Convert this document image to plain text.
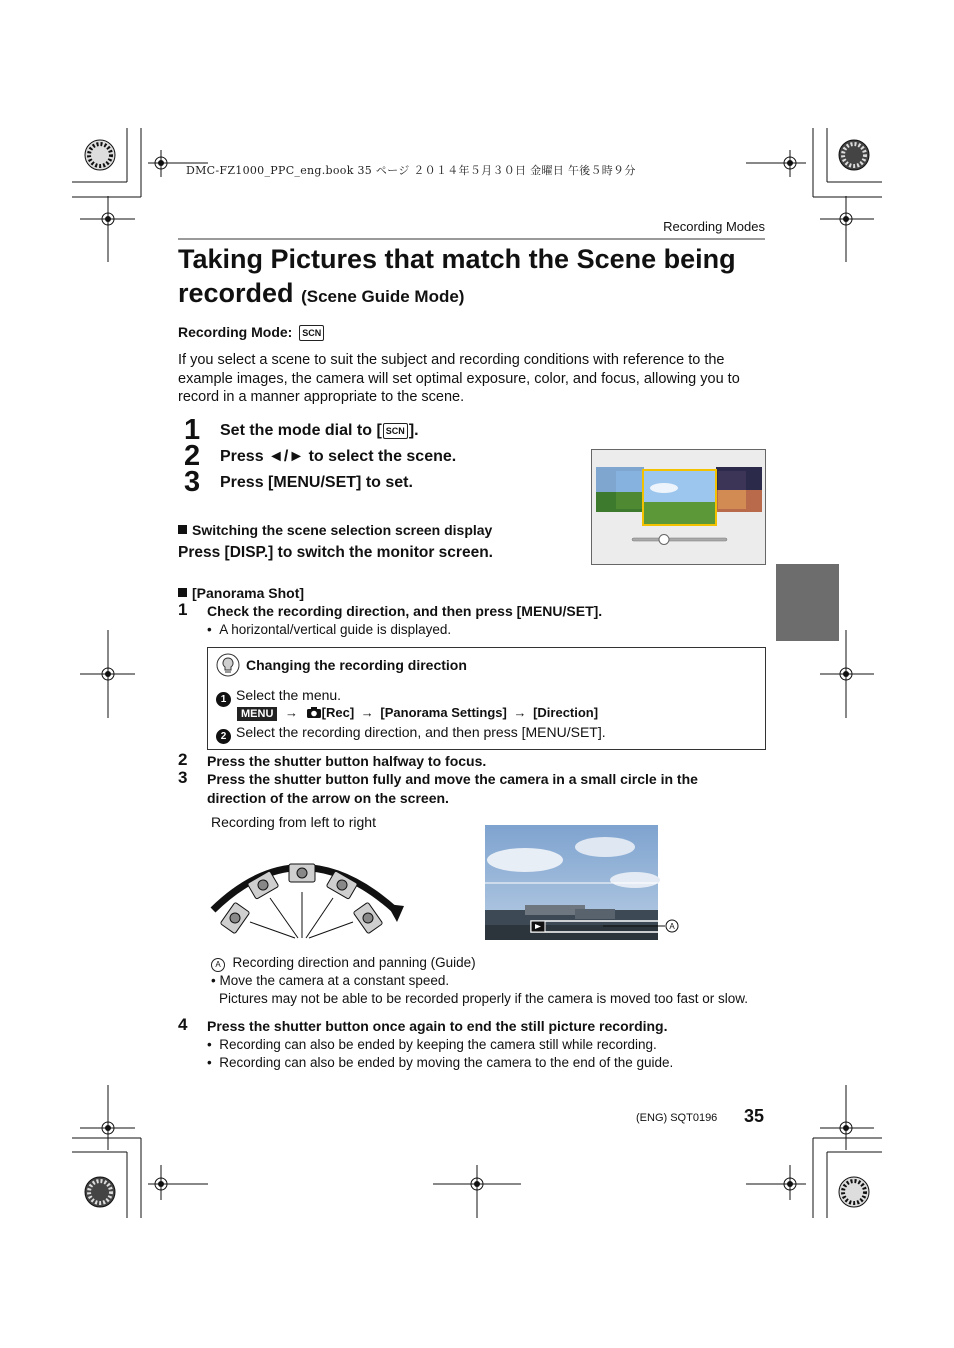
DMC-FZ1000_PPC_eng.book 35 ページ ２０１４年５月３０日 金曜日 午後５時９分
Recording Modes
Taking Pictures that match the Scene being
recorded (Scene Guide Mode)
Recording Mode: SCN
If you select a scene to suit the subject and recording conditions with reference to the example images, the camera will set optimal exposure, color, and focus, allowing you to record in a manner appropriate to the scene.
1 Set the mode dial to [ SCN ].
2 Press ◄/► to select the scene.
3 Press [MENU/SET] to set.
Switching the scene selection screen display
Press [DISP.] to switch the monitor screen.
[Panorama Shot]
1 Check the recording direction, and then press [MENU/SET].
•  A horizontal/vertical guide is displayed.
Changing the recording direction
1 Select the menu.
MENU → [Rec] → [Panorama Settings] → [Direction]
2 Select the recording direction, and then press [MENU/SET].
2 Press the shutter button halfway to focus.
3 Press the shutter button fully and move the camera in a small circle in the
direction of the arrow on the screen.
Recording from left to right
A
A Recording direction and panning (Guide)
• Move the camera at a constant speed.
Pictures may not be able to be recorded properly if the camera is moved too fast or slow.
4 Press the shutter button once again to end the still picture recording.
•  Recording can also be ended by keeping the camera still while recording.
•  Recording can also be ended by moving the camera to the end of the guide.
(ENG) SQT0196 35
